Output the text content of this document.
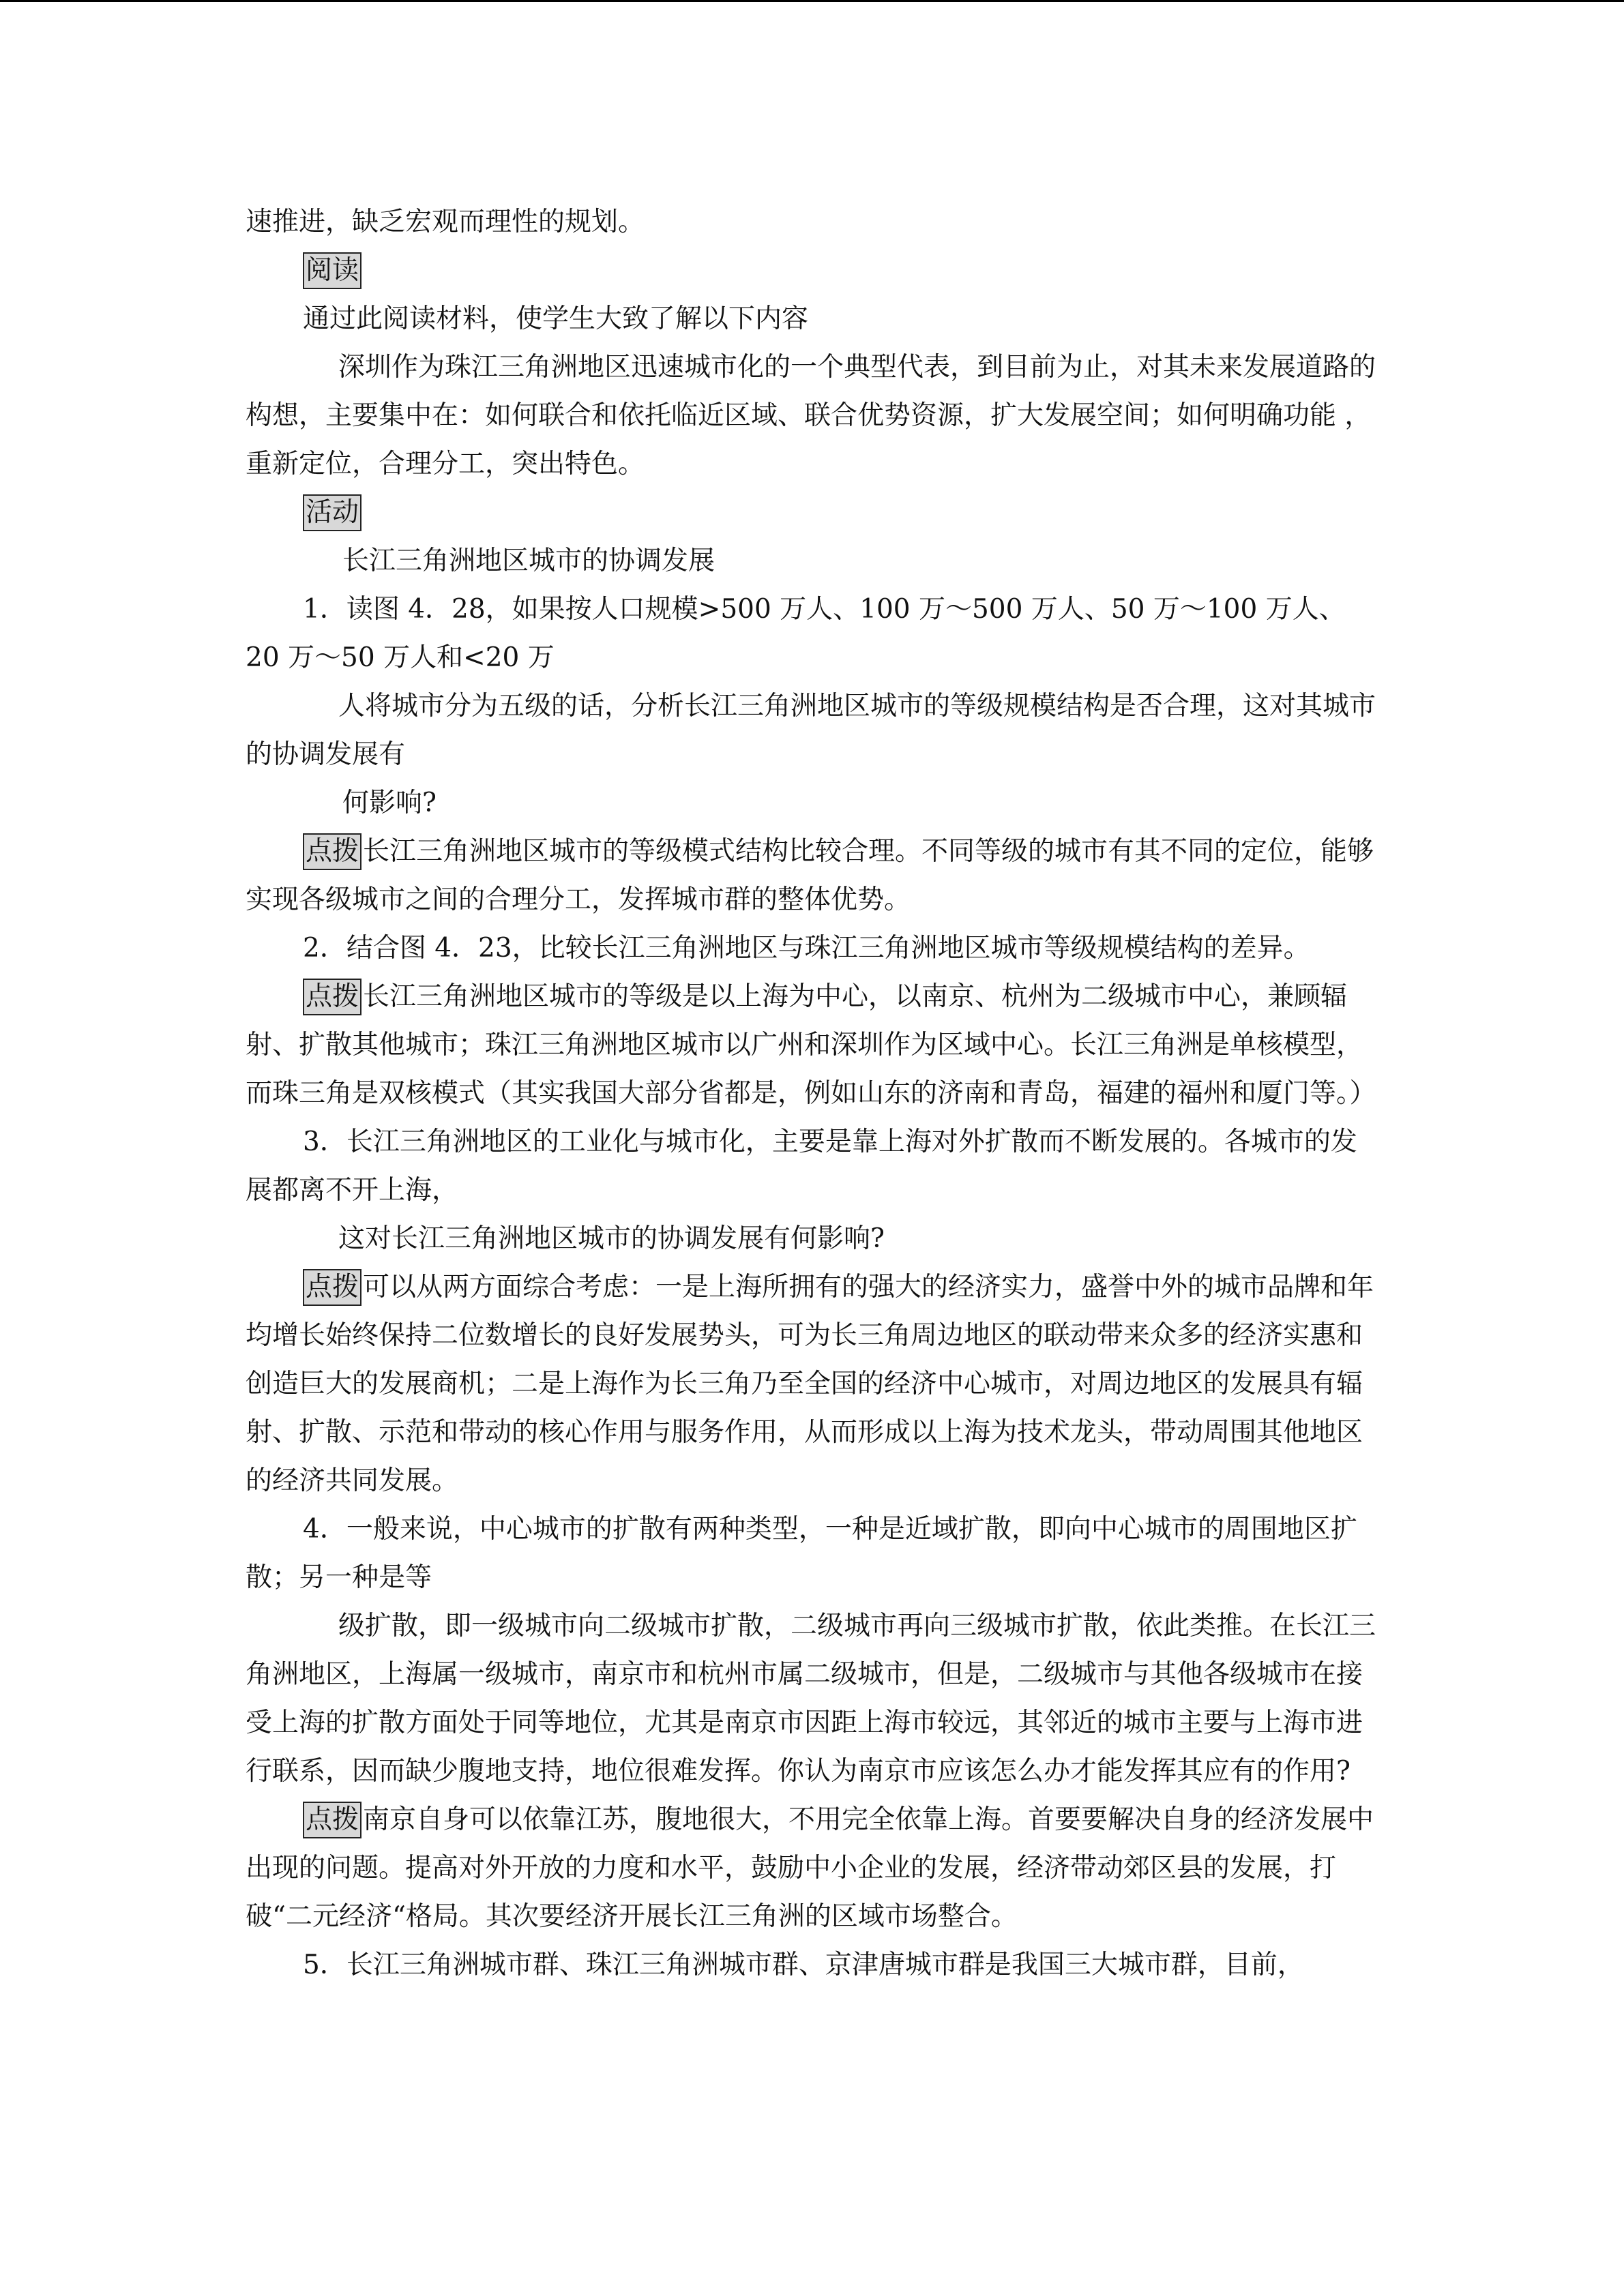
速推进，缺乏宏观而理性的规划。

阅读

通过此阅读材料，使学生大致了解以下内容

深圳作为珠江三角洲地区迅速城市化的一个典型代表，到目前为止，对其未来发展道路的构想，主要集中在：如何联合和依托临近区域、联合优势资源，扩大发展空间；如何明确功能 ，重新定位，合理分工，突出特色。

活动

长江三角洲地区城市的协调发展

1．读图 4．28，如果按人口规模>500 万人、100 万～500 万人、50 万～100 万人、20 万～50 万人和<20 万

人将城市分为五级的话，分析长江三角洲地区城市的等级规模结构是否合理，这对其城市的协调发展有

何影响?

点拨 长江三角洲地区城市的等级模式结构比较合理。不同等级的城市有其不同的定位，能够实现各级城市之间的合理分工，发挥城市群的整体优势。

2．结合图 4．23，比较长江三角洲地区与珠江三角洲地区城市等级规模结构的差异。

点拨 长江三角洲地区城市的等级是以上海为中心，以南京、杭州为二级城市中心，兼顾辐射、扩散其他城市；珠江三角洲地区城市以广州和深圳作为区域中心。长江三角洲是单核模型，而珠三角是双核模式（其实我国大部分省都是，例如山东的济南和青岛，福建的福州和厦门等。）

3．长江三角洲地区的工业化与城市化，主要是靠上海对外扩散而不断发展的。各城市的发展都离不开上海，

这对长江三角洲地区城市的协调发展有何影响?

点拨 可以从两方面综合考虑：一是上海所拥有的强大的经济实力，盛誉中外的城市品牌和年均增长始终保持二位数增长的良好发展势头，可为长三角周边地区的联动带来众多的经济实惠和创造巨大的发展商机；二是上海作为长三角乃至全国的经济中心城市，对周边地区的发展具有辐射、扩散、示范和带动的核心作用与服务作用，从而形成以上海为技术龙头，带动周围其他地区的经济共同发展。

4．一般来说，中心城市的扩散有两种类型，一种是近域扩散，即向中心城市的周围地区扩散；另一种是等

级扩散，即一级城市向二级城市扩散，二级城市再向三级城市扩散，依此类推。在长江三角洲地区，上海属一级城市，南京市和杭州市属二级城市，但是，二级城市与其他各级城市在接受上海的扩散方面处于同等地位，尤其是南京市因距上海市较远，其邻近的城市主要与上海市进行联系，因而缺少腹地支持，地位很难发挥。你认为南京市应该怎么办才能发挥其应有的作用?

点拨 南京自身可以依靠江苏，腹地很大，不用完全依靠上海。首要要解决自身的经济发展中出现的问题。提高对外开放的力度和水平，鼓励中小企业的发展，经济带动郊区县的发展，打破“二元经济“格局。其次要经济开展长江三角洲的区域市场整合。

5．长江三角洲城市群、珠江三角洲城市群、京津唐城市群是我国三大城市群，目前，
